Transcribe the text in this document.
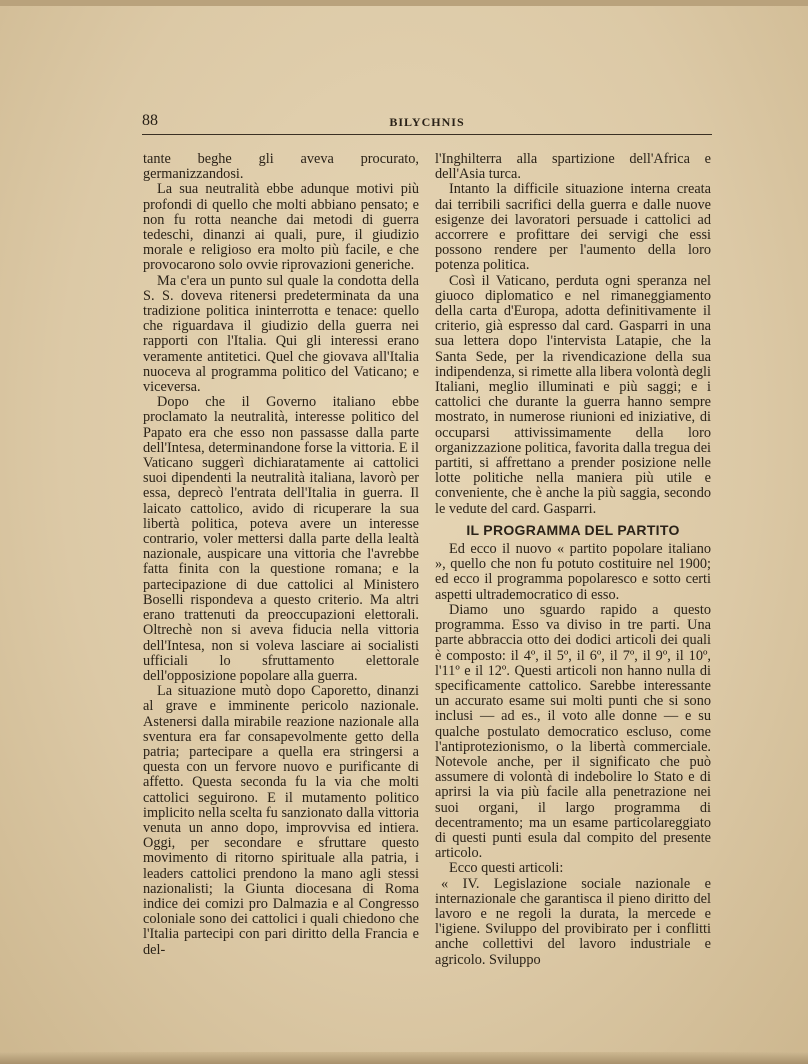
88	BILYCHNIS

tante beghe gli aveva procurato, germanizzandosi.

La sua neutralità ebbe adunque motivi più profondi di quello che molti abbiano pensato; e non fu rotta neanche dai metodi di guerra tedeschi, dinanzi ai quali, pure, il giudizio morale e religioso era molto più facile, e che provocarono solo ovvie riprovazioni generiche.

Ma c'era un punto sul quale la condotta della S. S. doveva ritenersi predeterminata da una tradizione politica ininterrotta e tenace: quello che riguardava il giudizio della guerra nei rapporti con l'Italia. Qui gli interessi erano veramente antitetici. Quel che giovava all'Italia nuoceva al programma politico del Vaticano; e viceversa.

Dopo che il Governo italiano ebbe proclamato la neutralità, interesse politico del Papato era che esso non passasse dalla parte dell'Intesa, determinandone forse la vittoria. E il Vaticano suggerì dichiaratamente ai cattolici suoi dipendenti la neutralità italiana, lavorò per essa, deprecò l'entrata dell'Italia in guerra. Il laicato cattolico, avido di ricuperare la sua libertà politica, poteva avere un interesse contrario, voler mettersi dalla parte della lealtà nazionale, auspicare una vittoria che l'avrebbe fatta finita con la questione romana; e la partecipazione di due cattolici al Ministero Boselli rispondeva a questo criterio. Ma altri erano trattenuti da preoccupazioni elettorali. Oltrechè non si aveva fiducia nella vittoria dell'Intesa, non si voleva lasciare ai socialisti ufficiali lo sfruttamento elettorale dell'opposizione popolare alla guerra.

La situazione mutò dopo Caporetto, dinanzi al grave e imminente pericolo nazionale. Astenersi dalla mirabile reazione nazionale alla sventura era far consapevolmente getto della patria; partecipare a quella era stringersi a questa con un fervore nuovo e purificante di affetto. Questa seconda fu la via che molti cattolici seguirono. E il mutamento politico implicito nella scelta fu sanzionato dalla vittoria venuta un anno dopo, improvvisa ed intiera. Oggi, per secondare e sfruttare questo movimento di ritorno spirituale alla patria, i leaders cattolici prendono la mano agli stessi nazionalisti; la Giunta diocesana di Roma indice dei comizi pro Dalmazia e al Congresso coloniale sono dei cattolici i quali chiedono che l'Italia partecipi con pari diritto della Francia e del-

l'Inghilterra alla spartizione dell'Africa e dell'Asia turca.

Intanto la difficile situazione interna creata dai terribili sacrifici della guerra e dalle nuove esigenze dei lavoratori persuade i cattolici ad accorrere e profittare dei servigi che essi possono rendere per l'aumento della loro potenza politica.

Così il Vaticano, perduta ogni speranza nel giuoco diplomatico e nel rimaneggiamento della carta d'Europa, adotta definitivamente il criterio, già espresso dal card. Gasparri in una sua lettera dopo l'intervista Latapie, che la Santa Sede, per la rivendicazione della sua indipendenza, si rimette alla libera volontà degli Italiani, meglio illuminati e più saggi; e i cattolici che durante la guerra hanno sempre mostrato, in numerose riunioni ed iniziative, di occuparsi attivissimamente della loro organizzazione politica, favorita dalla tregua dei partiti, si affrettano a prender posizione nelle lotte politiche nella maniera più utile e conveniente, che è anche la più saggia, secondo le vedute del card. Gasparri.

IL PROGRAMMA DEL PARTITO

Ed ecco il nuovo « partito popolare italiano », quello che non fu potuto costituire nel 1900; ed ecco il programma popolaresco e sotto certi aspetti ultrademocratico di esso.

Diamo uno sguardo rapido a questo programma. Esso va diviso in tre parti. Una parte abbraccia otto dei dodici articoli dei quali è composto: il 4º, il 5º, il 6º, il 7º, il 9º, il 10º, l'11º e il 12º. Questi articoli non hanno nulla di specificamente cattolico. Sarebbe interessante un accurato esame sui molti punti che si sono inclusi — ad es., il voto alle donne — e su qualche postulato democratico escluso, come l'antiprotezionismo, o la libertà commerciale. Notevole anche, per il significato che può assumere di volontà di indebolire lo Stato e di aprirsi la via più facile alla penetrazione nei suoi organi, il largo programma di decentramento; ma un esame particolareggiato di questi punti esula dal compito del presente articolo.

Ecco questi articoli:

« IV. Legislazione sociale nazionale e internazionale che garantisca il pieno diritto del lavoro e ne regoli la durata, la mercede e l'igiene. Sviluppo del provibirato per i conflitti anche collettivi del lavoro industriale e agricolo. Sviluppo
